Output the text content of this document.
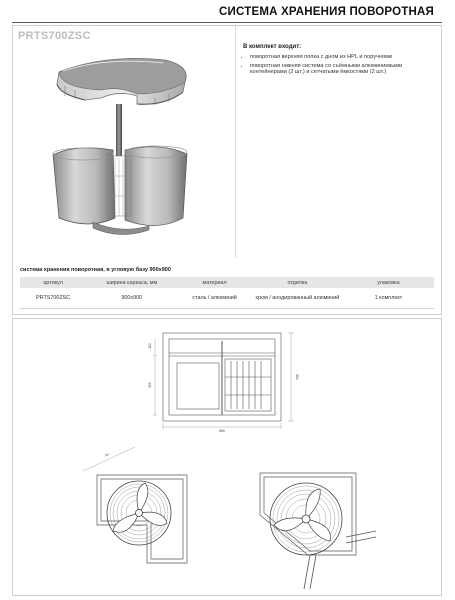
СИСТЕМА ХРАНЕНИЯ ПОВОРОТНАЯ
PRTS700ZSC
В комплект входит:
• поворотная верхняя полка с дном из HPL и поручнями
• поворотная нижняя система со съёмными алюминиевыми контейнерами (2 шт.) и сетчатыми ёмкостями (2 шт.)
система хранения поворотная, в угловую базу 900х900
артикул	ширина каркаса, мм	материал	отделка	упаковка
PRTS700ZSC	900х900	сталь / алюминий	хром / анодированный алюминий	1 комплект
865
664
505
110
767
